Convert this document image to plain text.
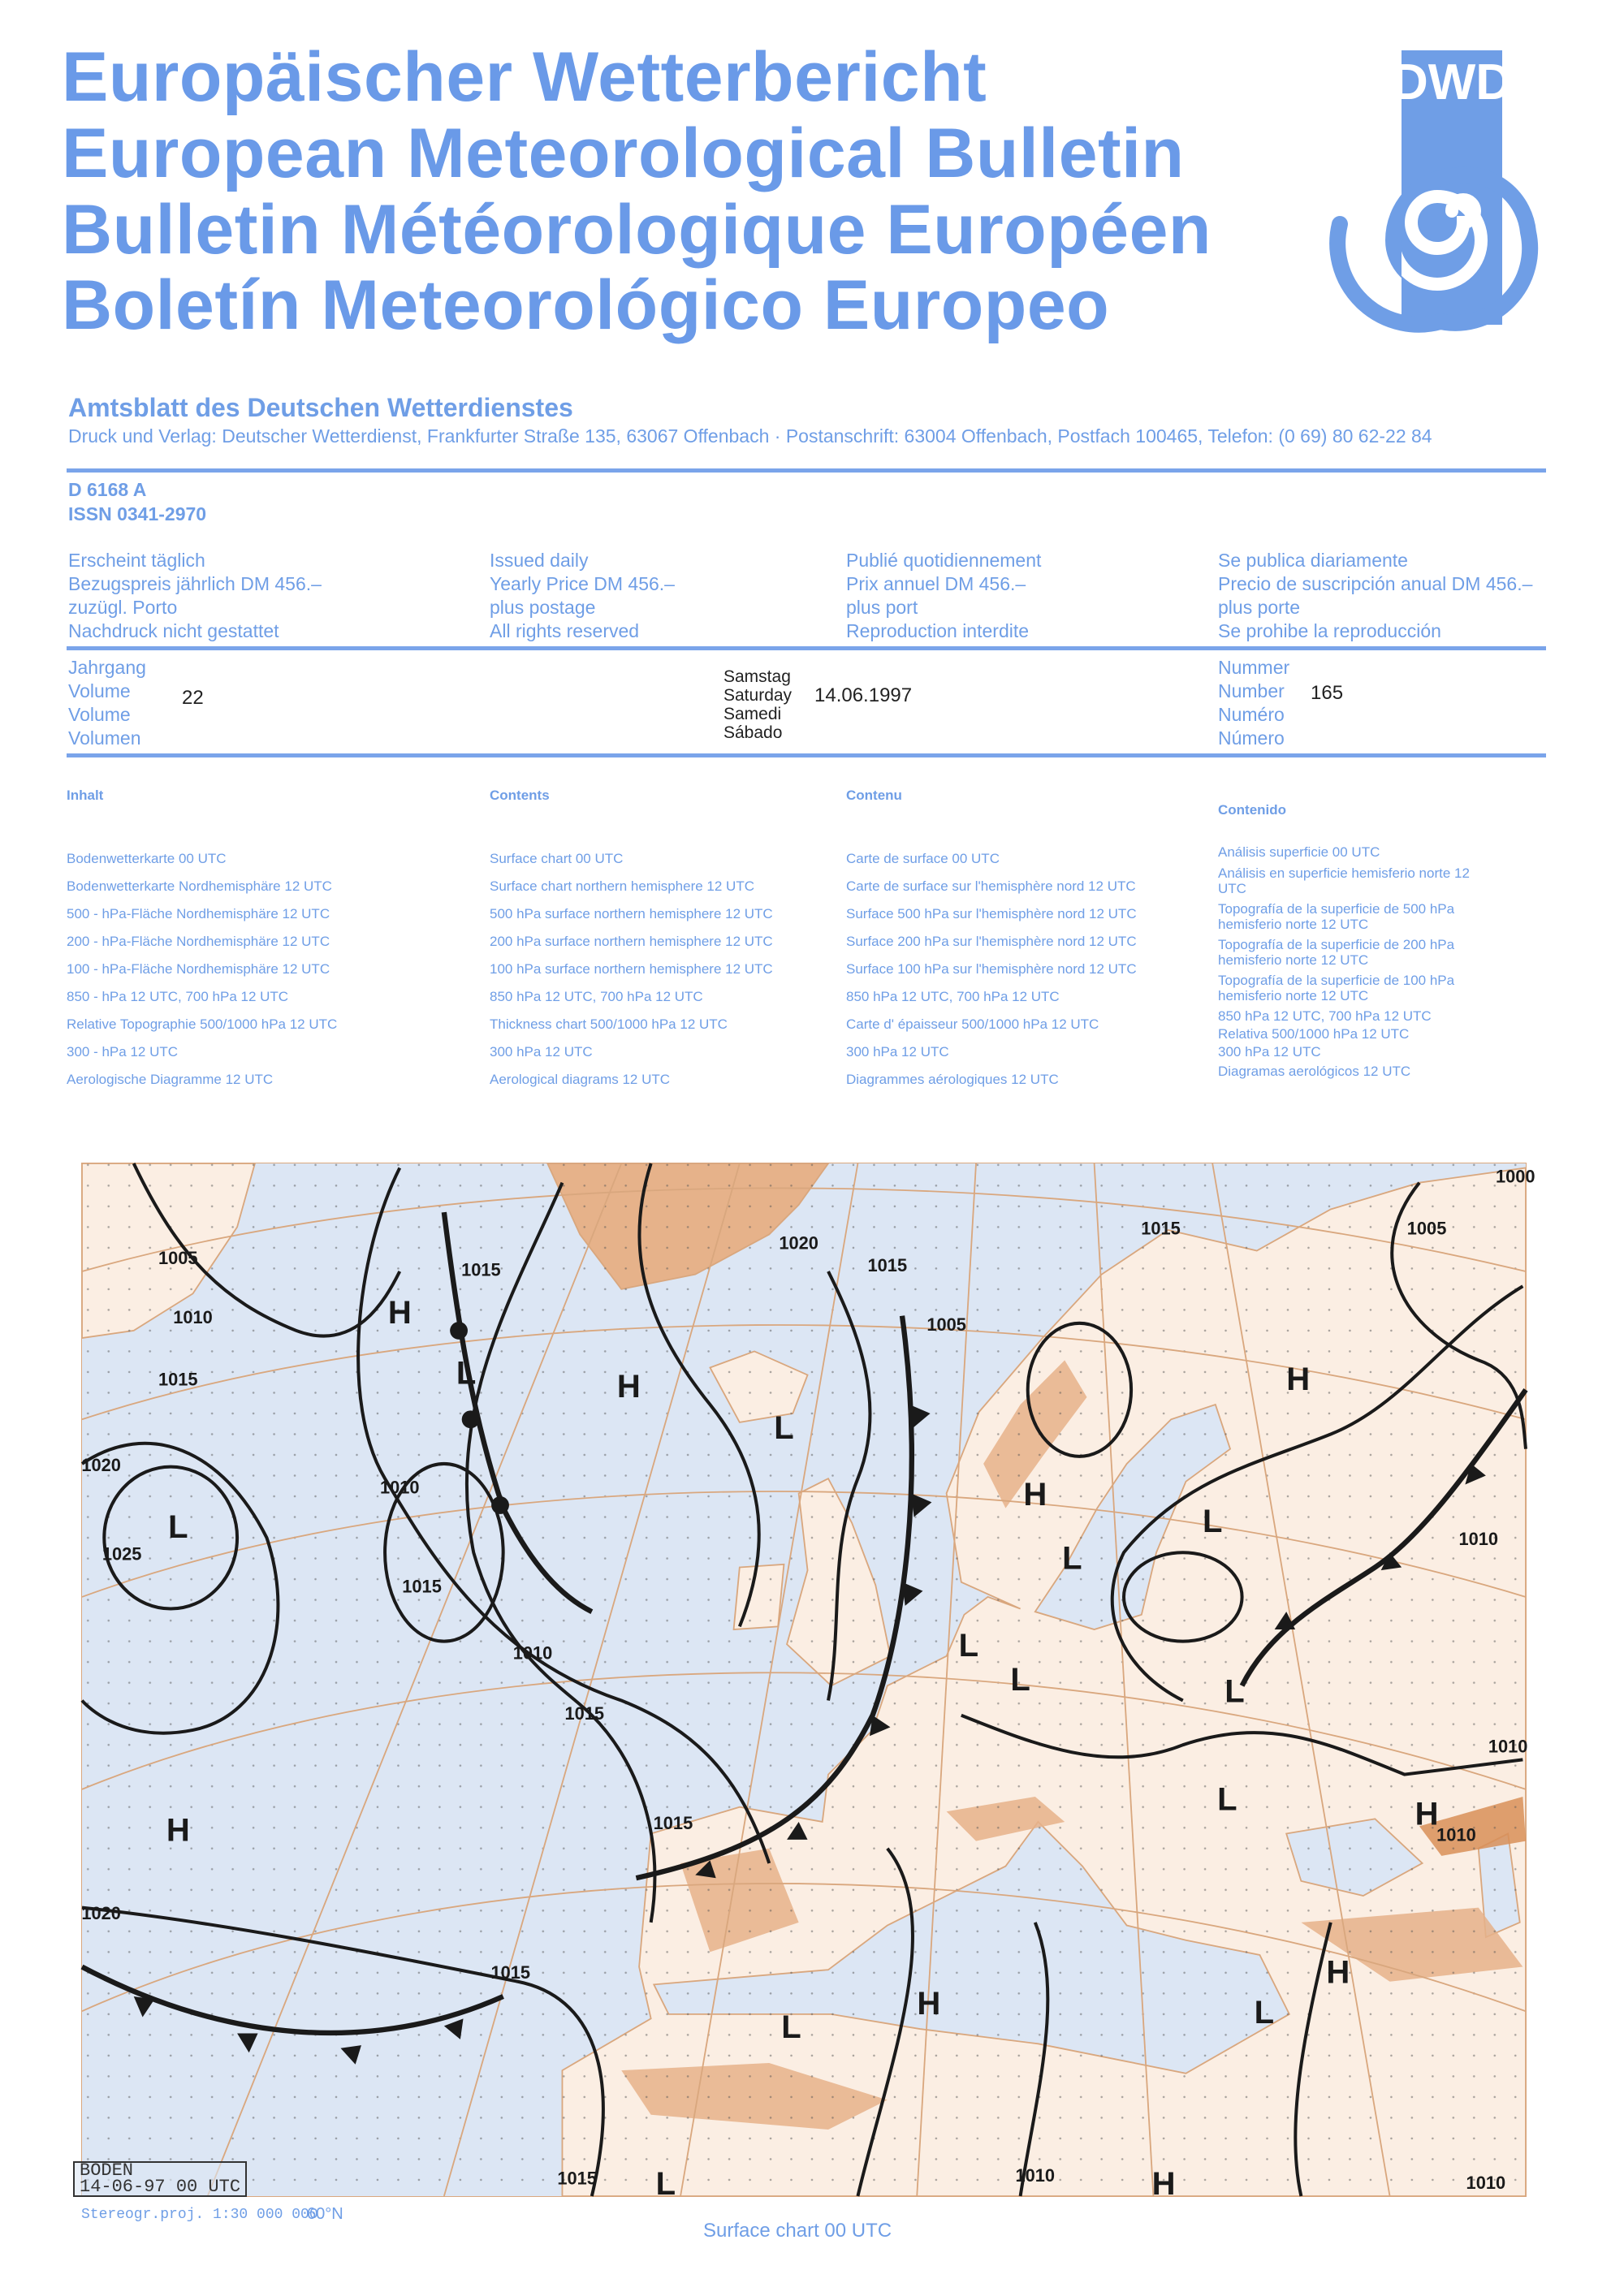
Europäischer Wetterbericht
European Meteorological Bulletin
Bulletin Météorologique Européen
Boletín Meteorológico Europeo
DWD
Amtsblatt des Deutschen Wetterdienstes
Druck und Verlag: Deutscher Wetterdienst, Frankfurter Straße 135, 63067 Offenbach · Postanschrift: 63004 Offenbach, Postfach 100465, Telefon: (0 69) 80 62-22 84
D 6168 A
ISSN 0341-2970
Erscheint täglich
Bezugspreis jährlich DM 456.–
zuzügl. Porto
Nachdruck nicht gestattet
Issued daily
Yearly Price DM 456.–
plus postage
All rights reserved
Publié quotidiennement
Prix annuel DM 456.–
plus port
Reproduction interdite
Se publica diariamente
Precio de suscripción anual DM 456.–
plus porte
Se prohibe la reproducción
Jahrgang
Volume
Volume
Volumen
22
Samstag
Saturday
Samedi
Sábado
14.06.1997
Nummer
Number
Numéro
Número
165
Inhalt
Bodenwetterkarte 00 UTC
Bodenwetterkarte Nordhemisphäre 12 UTC
500 - hPa-Fläche Nordhemisphäre 12 UTC
200 - hPa-Fläche Nordhemisphäre 12 UTC
100 - hPa-Fläche Nordhemisphäre 12 UTC
850 - hPa 12 UTC, 700 hPa 12 UTC
Relative Topographie 500/1000 hPa 12 UTC
300 - hPa 12 UTC
Aerologische Diagramme 12 UTC
Contents
Surface chart 00 UTC
Surface chart northern hemisphere 12 UTC
500 hPa surface northern hemisphere 12 UTC
200 hPa surface northern hemisphere 12 UTC
100 hPa surface northern hemisphere 12 UTC
850 hPa 12 UTC, 700 hPa 12 UTC
Thickness chart 500/1000 hPa 12 UTC
300 hPa 12 UTC
Aerological diagrams 12 UTC
Contenu
Carte de surface 00 UTC
Carte de surface sur l'hemisphère nord 12 UTC
Surface 500 hPa sur l'hemisphère nord 12 UTC
Surface 200 hPa sur l'hemisphère nord 12 UTC
Surface 100 hPa sur l'hemisphère nord 12 UTC
850 hPa 12 UTC, 700 hPa 12 UTC
Carte d' épaisseur 500/1000 hPa 12 UTC
300 hPa 12 UTC
Diagrammes aérologiques 12 UTC
Contenido
Análisis superficie 00 UTC
Análisis en superficie hemisferio norte 12 UTC
Topografía de la superficie de 500 hPa hemisferio norte 12 UTC
Topografía de la superficie de 200 hPa hemisferio norte 12 UTC
Topografía de la superficie de 100 hPa hemisferio norte 12 UTC
850 hPa 12 UTC, 700 hPa 12 UTC
Relativa 500/1000 hPa 12 UTC
300 hPa 12 UTC
Diagramas aerológicos 12 UTC
H
H
H
H
H
H
H
H
H
L
L
L
L
L
L
L
L
L
L
L
L
1000
1005
1005
1005
1010
1010
1010
1010
1010
1010
1010
1010
1015	1015
1015
1015
1015
1015
1015
1015
1015
1020
1020
1020
1025
BODEN
14-06-97 00 UTC
Stereogr.proj. 1:30 000 000
60°N
Surface chart 00 UTC
